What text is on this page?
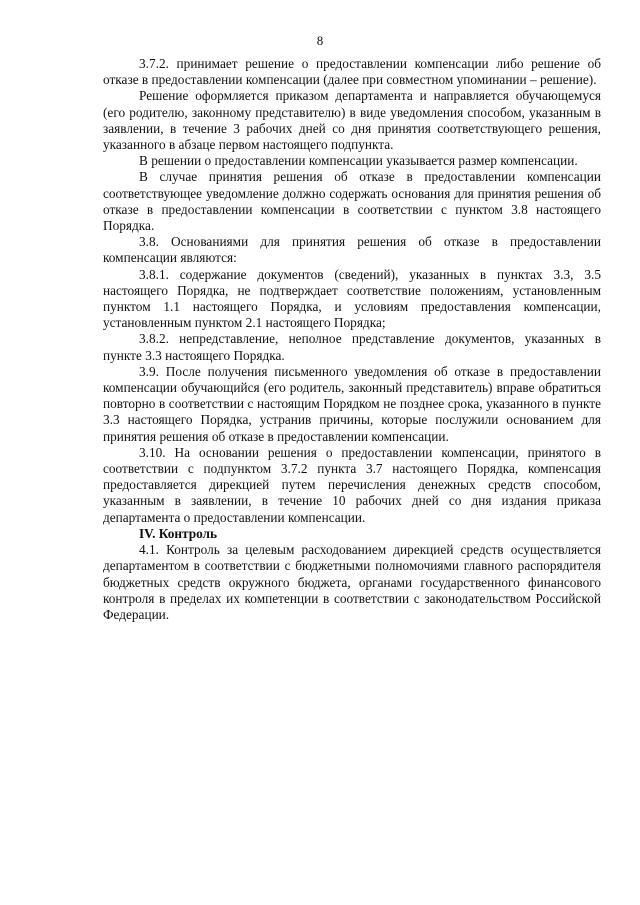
8

3.7.2. принимает решение о предоставлении компенсации либо решение об отказе в предоставлении компенсации (далее при совместном упоминании – решение).

Решение оформляется приказом департамента и направляется обучающемуся (его родителю, законному представителю) в виде уведомления способом, указанным в заявлении, в течение 3 рабочих дней со дня принятия соответствующего решения, указанного в абзаце первом настоящего подпункта.

В решении о предоставлении компенсации указывается размер компенсации.

В случае принятия решения об отказе в предоставлении компенсации соответствующее уведомление должно содержать основания для принятия решения об отказе в предоставлении компенсации в соответствии с пунктом 3.8 настоящего Порядка.

3.8. Основаниями для принятия решения об отказе в предоставлении компенсации являются:

3.8.1. содержание документов (сведений), указанных в пунктах 3.3, 3.5 настоящего Порядка, не подтверждает соответствие положениям, установленным пунктом 1.1 настоящего Порядка, и условиям предоставления компенсации, установленным пунктом 2.1 настоящего Порядка;

3.8.2. непредставление, неполное представление документов, указанных в пункте 3.3 настоящего Порядка.

3.9. После получения письменного уведомления об отказе в предоставлении компенсации обучающийся (его родитель, законный представитель) вправе обратиться повторно в соответствии с настоящим Порядком не позднее срока, указанного в пункте 3.3 настоящего Порядка, устранив причины, которые послужили основанием для принятия решения об отказе в предоставлении компенсации.

3.10. На основании решения о предоставлении компенсации, принятого в соответствии с подпунктом 3.7.2 пункта 3.7 настоящего Порядка, компенсация предоставляется дирекцией путем перечисления денежных средств способом, указанным в заявлении, в течение 10 рабочих дней со дня издания приказа департамента о предоставлении компенсации.

IV. Контроль

4.1. Контроль за целевым расходованием дирекцией средств осуществляется департаментом в соответствии с бюджетными полномочиями главного распорядителя бюджетных средств окружного бюджета, органами государственного финансового контроля в пределах их компетенции в соответствии с законодательством Российской Федерации.
